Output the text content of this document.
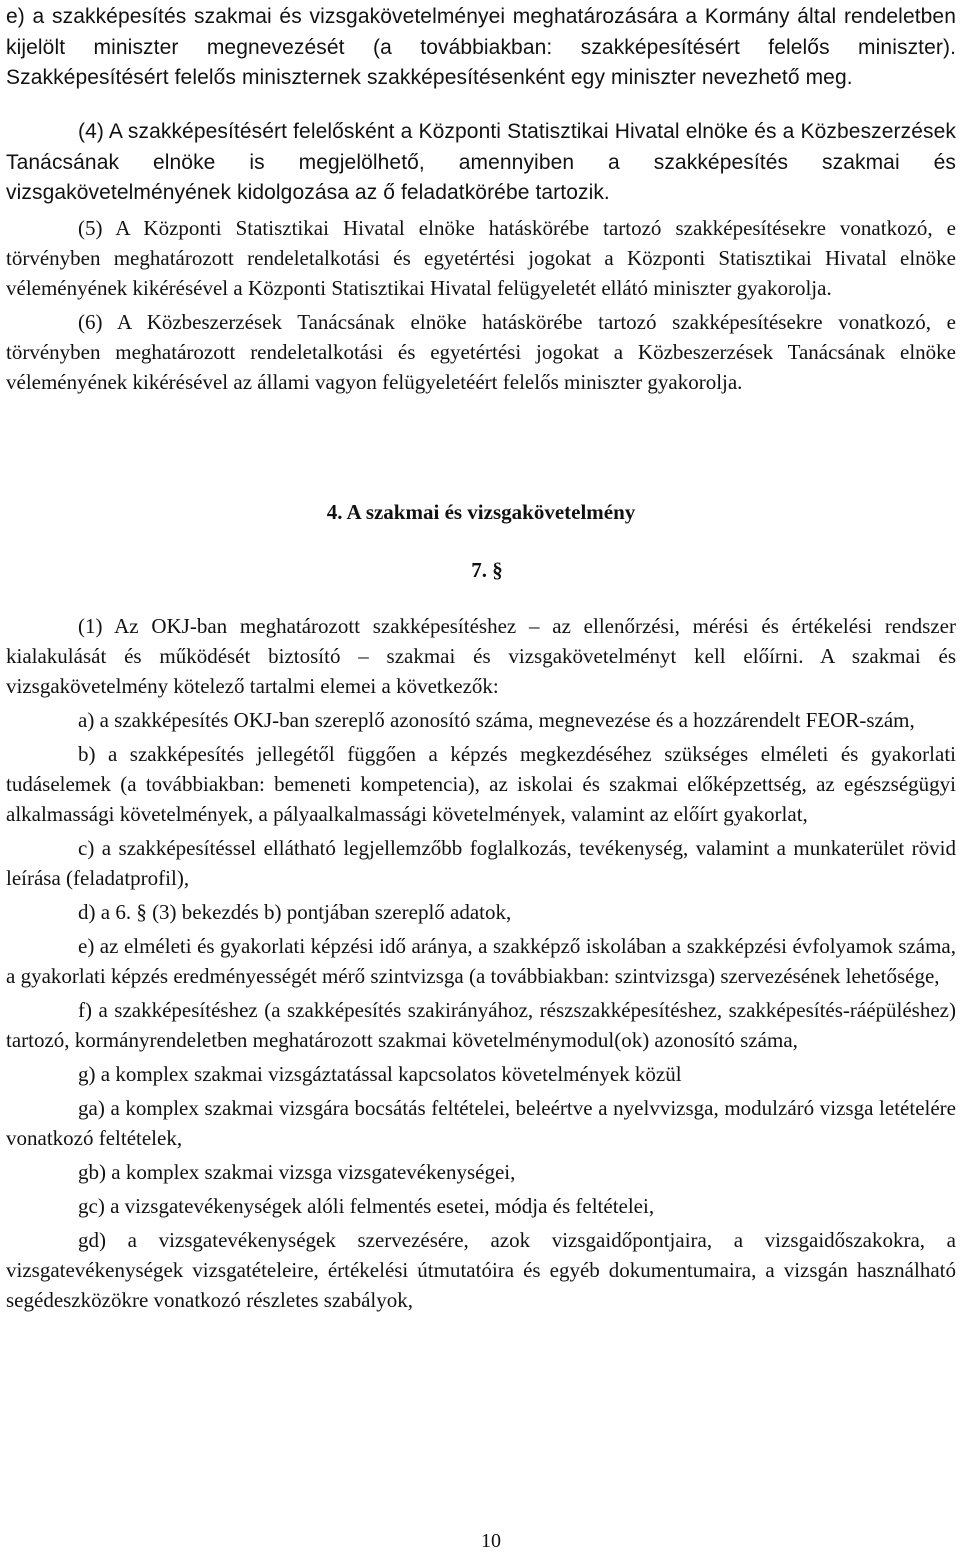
e) a szakképesítés szakmai és vizsgakövetelményei meghatározására a Kormány által rendeletben kijelölt miniszter megnevezését (a továbbiakban: szakképesítésért felelős miniszter). Szakképesítésért felelős miniszternek szakképesítésenként egy miniszter nevezhető meg.

(4) A szakképesítésért felelősként a Központi Statisztikai Hivatal elnöke és a Közbeszerzések Tanácsának elnöke is megjelölhető, amennyiben a szakképesítés szakmai és vizsgakövetelményének kidolgozása az ő feladatkörébe tartozik.

(5) A Központi Statisztikai Hivatal elnöke hatáskörébe tartozó szakképesítésekre vonatkozó, e törvényben meghatározott rendeletalkotási és egyetértési jogokat a Központi Statisztikai Hivatal elnöke véleményének kikérésével a Központi Statisztikai Hivatal felügyeletét ellátó miniszter gyakorolja.

(6) A Közbeszerzések Tanácsának elnöke hatáskörébe tartozó szakképesítésekre vonatkozó, e törvényben meghatározott rendeletalkotási és egyetértési jogokat a Közbeszerzések Tanácsának elnöke véleményének kikérésével az állami vagyon felügyeletéért felelős miniszter gyakorolja.

4. A szakmai és vizsgakövetelmény
7. §

(1) Az OKJ-ban meghatározott szakképesítéshez – az ellenőrzési, mérési és értékelési rendszer kialakulását és működését biztosító – szakmai és vizsgakövetelményt kell előírni. A szakmai és vizsgakövetelmény kötelező tartalmi elemei a következők:

a) a szakképesítés OKJ-ban szereplő azonosító száma, megnevezése és a hozzárendelt FEOR-szám,

b) a szakképesítés jellegétől függően a képzés megkezdéséhez szükséges elméleti és gyakorlati tudáselemek (a továbbiakban: bemeneti kompetencia), az iskolai és szakmai előképzettség, az egészségügyi alkalmassági követelmények, a pályaalkalmassági követelmények, valamint az előírt gyakorlat,

c) a szakképesítéssel ellátható legjellemzőbb foglalkozás, tevékenység, valamint a munkaterület rövid leírása (feladatprofil),

d) a 6. § (3) bekezdés b) pontjában szereplő adatok,

e) az elméleti és gyakorlati képzési idő aránya, a szakképző iskolában a szakképzési évfolyamok száma, a gyakorlati képzés eredményességét mérő szintvizsga (a továbbiakban: szintvizsga) szervezésének lehetősége,

f) a szakképesítéshez (a szakképesítés szakirányához, részszakképesítéshez, szakképesítés-ráépüléshez) tartozó, kormányrendeletben meghatározott szakmai követelménymodul(ok) azonosító száma,

g) a komplex szakmai vizsgáztatással kapcsolatos követelmények közül

ga) a komplex szakmai vizsgára bocsátás feltételei, beleértve a nyelvvizsga, modulzáró vizsga letételére vonatkozó feltételek,

gb) a komplex szakmai vizsga vizsgatevékenységei,

gc) a vizsgatevékenységek alóli felmentés esetei, módja és feltételei,

gd) a vizsgatevékenységek szervezésére, azok vizsgaidőpontjaira, a vizsgaidőszakokra, a vizsgatevékenységek vizsgatételeire, értékelési útmutatóira és egyéb dokumentumaira, a vizsgán használható segédeszközökre vonatkozó részletes szabályok,

10
